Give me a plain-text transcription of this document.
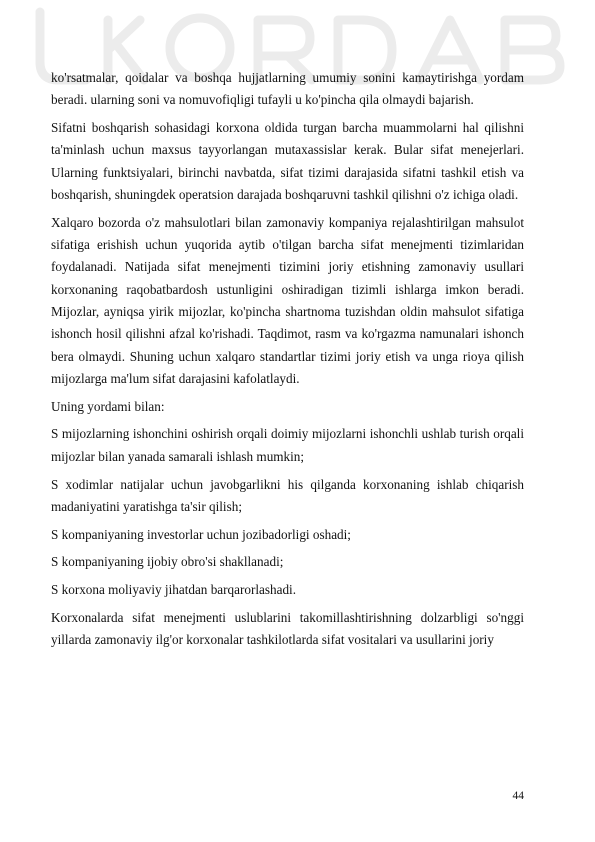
ko'rsatmalar, qoidalar va boshqa hujjatlarning umumiy sonini kamaytirishga yordam beradi. ularning soni va nomuvofiqligi tufayli u ko'pincha qila olmaydi bajarish.

Sifatni boshqarish sohasidagi korxona oldida turgan barcha muammolarni hal qilishni ta'minlash uchun maxsus tayyorlangan mutaxassislar kerak. Bular sifat menejerlari. Ularning funktsiyalari, birinchi navbatda, sifat tizimi darajasida sifatni tashkil etish va boshqarish, shuningdek operatsion darajada boshqaruvni tashkil qilishni o'z ichiga oladi.

Xalqaro bozorda o'z mahsulotlari bilan zamonaviy kompaniya rejalashtirilgan mahsulot sifatiga erishish uchun yuqorida aytib o'tilgan barcha sifat menejmenti tizimlaridan foydalanadi. Natijada sifat menejmenti tizimini joriy etishning zamonaviy usullari korxonaning raqobatbardosh ustunligini oshiradigan tizimli ishlarga imkon beradi. Mijozlar, ayniqsa yirik mijozlar, ko'pincha shartnoma tuzishdan oldin mahsulot sifatiga ishonch hosil qilishni afzal ko'rishadi. Taqdimot, rasm va ko'rgazma namunalari ishonch bera olmaydi. Shuning uchun xalqaro standartlar tizimi joriy etish va unga rioya qilish mijozlarga ma'lum sifat darajasini kafolatlaydi.

Uning yordami bilan:

S mijozlarning ishonchini oshirish orqali doimiy mijozlarni ishonchli ushlab turish orqali mijozlar bilan yanada samarali ishlash mumkin;

S xodimlar natijalar uchun javobgarlikni his qilganda korxonaning ishlab chiqarish madaniyatini yaratishga ta'sir qilish;

S kompaniyaning investorlar uchun jozibadorligi oshadi;

S kompaniyaning ijobiy obro'si shakllanadi;

S korxona moliyaviy jihatdan barqarorlashadi.

Korxonalarda sifat menejmenti uslublarini takomillashtirishning dolzarbligi so'nggi yillarda zamonaviy ilg'or korxonalar tashkilotlarda sifat vositalari va usullarini joriy

44
